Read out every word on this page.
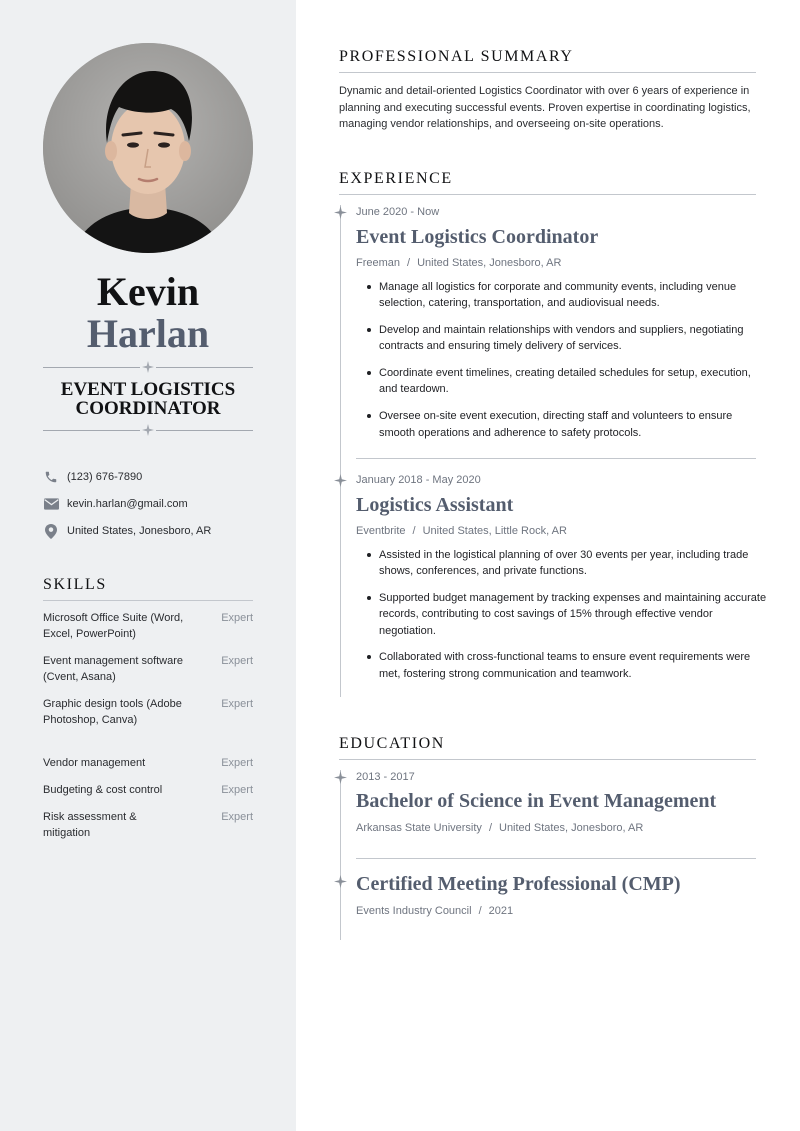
Kevin
Harlan
EVENT LOGISTICS
COORDINATOR
(123) 676-7890
kevin.harlan@gmail.com
United States, Jonesboro, AR
SKILLS
Microsoft Office Suite (Word, Excel, PowerPoint)
Expert
Event management software (Cvent, Asana)
Expert
Graphic design tools (Adobe Photoshop, Canva)
Expert
Vendor management	Expert
Budgeting & cost control	Expert
Risk assessment & mitigation
Expert
PROFESSIONAL SUMMARY
Dynamic and detail-oriented Logistics Coordinator with over 6 years of experience in planning and executing successful events. Proven expertise in coordinating logistics, managing vendor relationships, and overseeing on-site operations.
EXPERIENCE
June 2020 - Now
Event Logistics Coordinator
Freeman / United States, Jonesboro, AR
Manage all logistics for corporate and community events, including venue selection, catering, transportation, and audiovisual needs.
Develop and maintain relationships with vendors and suppliers, negotiating contracts and ensuring timely delivery of services.
Coordinate event timelines, creating detailed schedules for setup, execution, and teardown.
Oversee on-site event execution, directing staff and volunteers to ensure smooth operations and adherence to safety protocols.
January 2018 - May 2020
Logistics Assistant
Eventbrite / United States, Little Rock, AR
Assisted in the logistical planning of over 30 events per year, including trade shows, conferences, and private functions.
Supported budget management by tracking expenses and maintaining accurate records, contributing to cost savings of 15% through effective vendor negotiation.
Collaborated with cross-functional teams to ensure event requirements were met, fostering strong communication and teamwork.
EDUCATION
2013 - 2017
Bachelor of Science in Event Management
Arkansas State University / United States, Jonesboro, AR
Certified Meeting Professional (CMP)
Events Industry Council / 2021
